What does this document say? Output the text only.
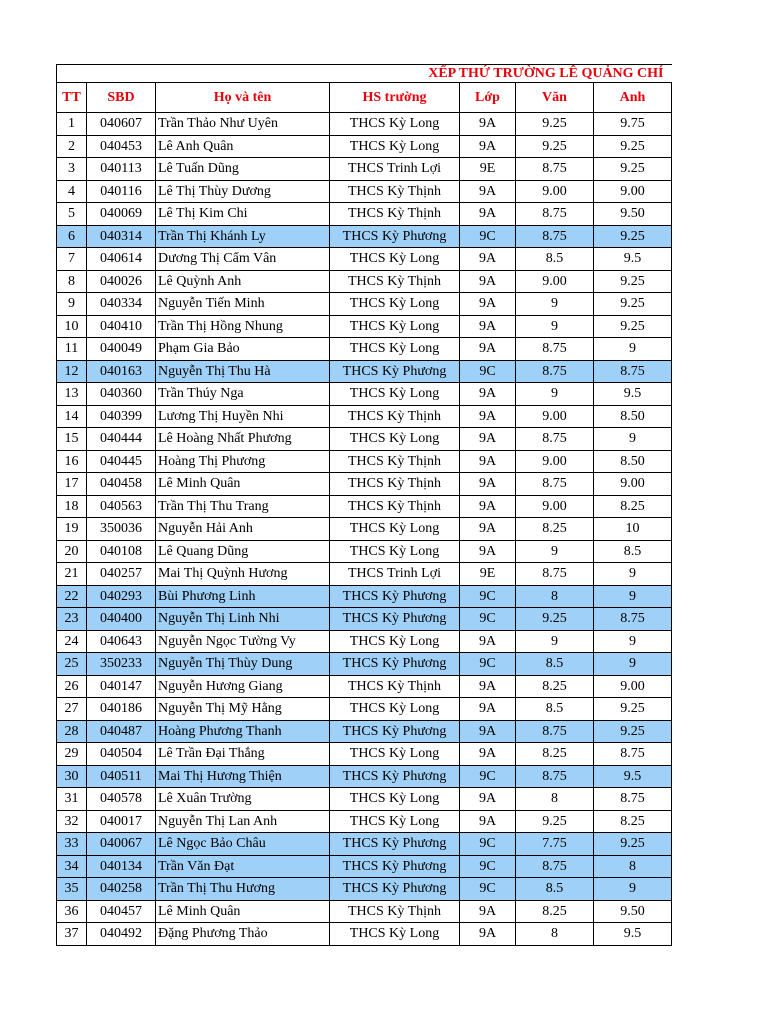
XẾP THỨ TRƯỜNG LÊ QUẢNG CHÍ						
TT	SBD	Họ và tên	HS trường	Lớp	Văn	Anh
1	040607	Trần Thảo Như Uyên	THCS Kỳ Long	9A	9.25	9.75
2	040453	Lê Anh Quân	THCS Kỳ Long	9A	9.25	9.25
3	040113	Lê Tuấn Dũng	THCS Trinh Lợi	9E	8.75	9.25
4	040116	Lê Thị Thùy Dương	THCS Kỳ Thịnh	9A	9.00	9.00
5	040069	Lê Thị Kim Chi	THCS Kỳ Thịnh	9A	8.75	9.50
6	040314	Trần Thị Khánh Ly	THCS Kỳ Phương	9C	8.75	9.25
7	040614	Dương Thị Cẩm Vân	THCS Kỳ Long	9A	8.5	9.5
8	040026	Lê Quỳnh Anh	THCS Kỳ Thịnh	9A	9.00	9.25
9	040334	Nguyễn Tiến Minh	THCS Kỳ Long	9A	9	9.25
10	040410	Trần Thị Hồng Nhung	THCS Kỳ Long	9A	9	9.25
11	040049	Phạm Gia Bảo	THCS Kỳ Long	9A	8.75	9
12	040163	Nguyễn Thị Thu Hà	THCS Kỳ Phương	9C	8.75	8.75
13	040360	Trần Thúy Nga	THCS Kỳ Long	9A	9	9.5
14	040399	Lương Thị Huyền Nhi	THCS Kỳ Thịnh	9A	9.00	8.50
15	040444	Lê Hoàng Nhất Phương	THCS Kỳ Long	9A	8.75	9
16	040445	Hoàng Thị Phương	THCS Kỳ Thịnh	9A	9.00	8.50
17	040458	Lê Minh Quân	THCS Kỳ Thịnh	9A	8.75	9.00
18	040563	Trần Thị Thu Trang	THCS Kỳ Thịnh	9A	9.00	8.25
19	350036	Nguyễn Hải Anh	THCS Kỳ Long	9A	8.25	10
20	040108	Lê Quang Dũng	THCS Kỳ Long	9A	9	8.5
21	040257	Mai Thị Quỳnh Hương	THCS Trinh Lợi	9E	8.75	9
22	040293	Bùi Phương Linh	THCS Kỳ Phương	9C	8	9
23	040400	Nguyễn Thị Linh Nhi	THCS Kỳ Phương	9C	9.25	8.75
24	040643	Nguyễn Ngọc Tường Vy	THCS Kỳ Long	9A	9	9
25	350233	Nguyễn Thị Thùy Dung	THCS Kỳ Phương	9C	8.5	9
26	040147	Nguyễn Hương Giang	THCS Kỳ Thịnh	9A	8.25	9.00
27	040186	Nguyễn Thị Mỹ Hằng	THCS Kỳ Long	9A	8.5	9.25
28	040487	Hoàng Phương Thanh	THCS Kỳ Phương	9A	8.75	9.25
29	040504	Lê Trần Đại Thắng	THCS Kỳ Long	9A	8.25	8.75
30	040511	Mai Thị Hương Thiện	THCS Kỳ Phương	9C	8.75	9.5
31	040578	Lê Xuân Trường	THCS Kỳ Long	9A	8	8.75
32	040017	Nguyễn Thị Lan Anh	THCS Kỳ Long	9A	9.25	8.25
33	040067	Lê Ngọc Bảo Châu	THCS Kỳ Phương	9C	7.75	9.25
34	040134	Trần Văn Đạt	THCS Kỳ Phương	9C	8.75	8
35	040258	Trần Thị Thu Hương	THCS Kỳ Phương	9C	8.5	9
36	040457	Lê Minh Quân	THCS Kỳ Thịnh	9A	8.25	9.50
37	040492	Đặng Phương Thảo	THCS Kỳ Long	9A	8	9.5
